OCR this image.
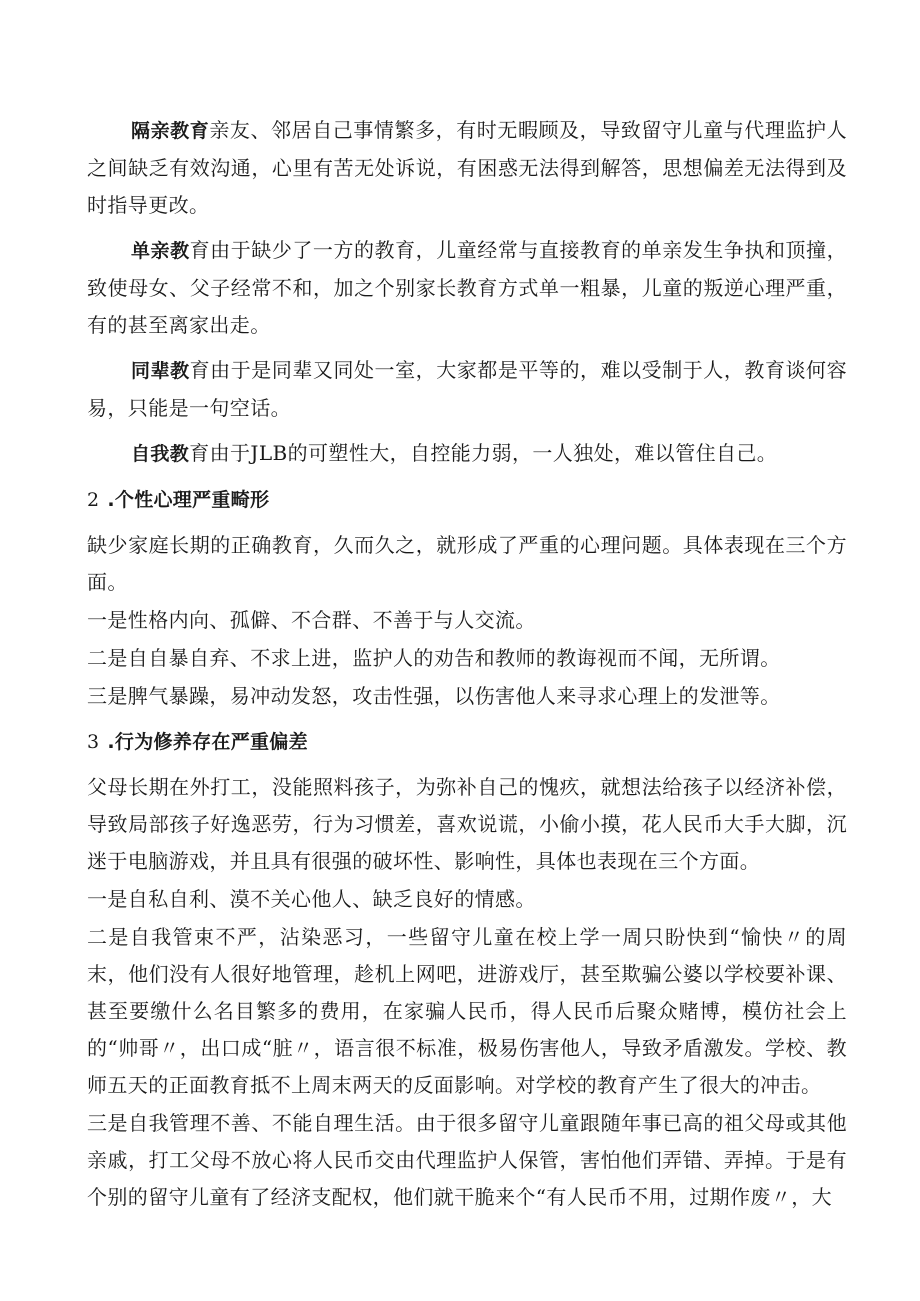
隔亲教育亲友、邻居自己事情繁多，有时无暇顾及，导致留守儿童与代理监护人之间缺乏有效沟通，心里有苦无处诉说，有困惑无法得到解答，思想偏差无法得到及时指导更改。

单亲教育由于缺少了一方的教育，儿童经常与直接教育的单亲发生争执和顶撞，致使母女、父子经常不和，加之个别家长教育方式单一粗暴，儿童的叛逆心理严重，有的甚至离家出走。

同辈教育由于是同辈又同处一室，大家都是平等的，难以受制于人，教育谈何容易，只能是一句空话。

自我教育由于JLB的可塑性大，自控能力弱，一人独处，难以管住自己。

2 .个性心理严重畸形

缺少家庭长期的正确教育，久而久之，就形成了严重的心理问题。具体表现在三个方面。

一是性格内向、孤僻、不合群、不善于与人交流。

二是自自暴自弃、不求上进，监护人的劝告和教师的教诲视而不闻，无所谓。

三是脾气暴躁，易冲动发怒，攻击性强，以伤害他人来寻求心理上的发泄等。

3 .行为修养存在严重偏差

父母长期在外打工，没能照料孩子，为弥补自己的愧疚，就想法给孩子以经济补偿，导致局部孩子好逸恶劳，行为习惯差，喜欢说谎，小偷小摸，花人民币大手大脚，沉迷于电脑游戏，并且具有很强的破坏性、影响性，具体也表现在三个方面。

一是自私自利、漠不关心他人、缺乏良好的情感。

二是自我管束不严，沾染恶习，一些留守儿童在校上学一周只盼快到“愉快〃的周末，他们没有人很好地管理，趁机上网吧，进游戏厅，甚至欺骗公婆以学校要补课、甚至要缴什么名目繁多的费用，在家骗人民币，得人民币后聚众赌博，模仿社会上的“帅哥〃，出口成“脏〃，语言很不标准，极易伤害他人，导致矛盾激发。学校、教师五天的正面教育抵不上周末两天的反面影响。对学校的教育产生了很大的冲击。

三是自我管理不善、不能自理生活。由于很多留守儿童跟随年事已高的祖父母或其他亲戚，打工父母不放心将人民币交由代理监护人保管，害怕他们弄错、弄掉。于是有个别的留守儿童有了经济支配权，他们就干脆来个“有人民币不用，过期作废〃，大
